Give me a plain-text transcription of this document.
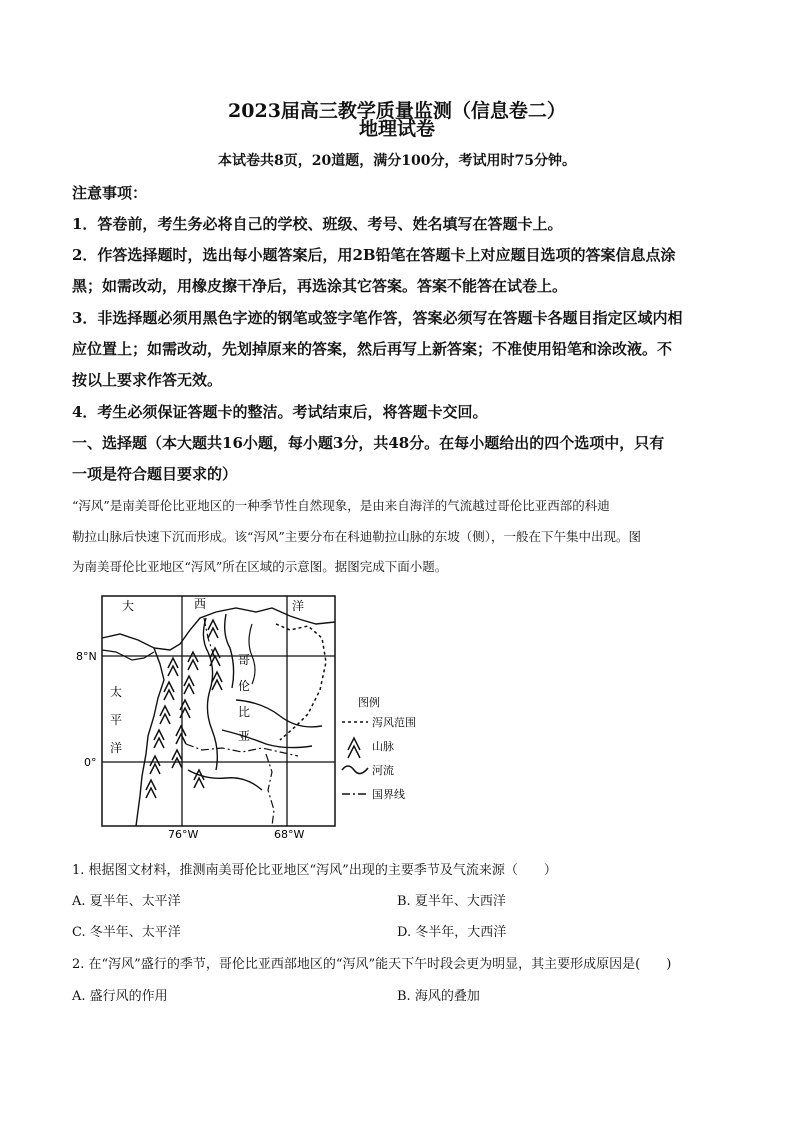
2023届高三教学质量监测（信息卷二）
地理试卷
本试卷共8页，20道题，满分100分，考试用时75分钟。
注意事项：
1．答卷前，考生务必将自己的学校、班级、考号、姓名填写在答题卡上。
2．作答选择题时，选出每小题答案后，用2B铅笔在答题卡上对应题目选项的答案信息点涂
黑；如需改动，用橡皮擦干净后，再选涂其它答案。答案不能答在试卷上。
3．非选择题必须用黑色字迹的钢笔或签字笔作答，答案必须写在答题卡各题目指定区域内相
应位置上；如需改动，先划掉原来的答案，然后再写上新答案；不准使用铅笔和涂改液。不
按以上要求作答无效。
4．考生必须保证答题卡的整洁。考试结束后，将答题卡交回。
一、选择题（本大题共16小题，每小题3分，共48分。在每小题给出的四个选项中，只有
一项是符合题目要求的）
“泻风”是南美哥伦比亚地区的一种季节性自然现象，是由来自海洋的气流越过哥伦比亚西部的科迪
勒拉山脉后快速下沉而形成。该“泻风”主要分布在科迪勒拉山脉的东坡（侧），一般在下午集中出现。图
为南美哥伦比亚地区“泻风”所在区域的示意图。据图完成下面小题。
大	西	洋
太
平
洋
哥
伦
比
亚
8°N
0°
76°W	68°W
图例
泻风范围
山脉
河流
国界线
1. 根据图文材料，推测南美哥伦比亚地区“泻风”出现的主要季节及气流来源（　　）
A. 夏半年、太平洋	B. 夏半年、大西洋
C. 冬半年、太平洋	D. 冬半年，大西洋
2. 在“泻风”盛行的季节，哥伦比亚西部地区的“泻风”能天下午时段会更为明显，其主要形成原因是(　　)
A. 盛行风的作用	B. 海风的叠加
